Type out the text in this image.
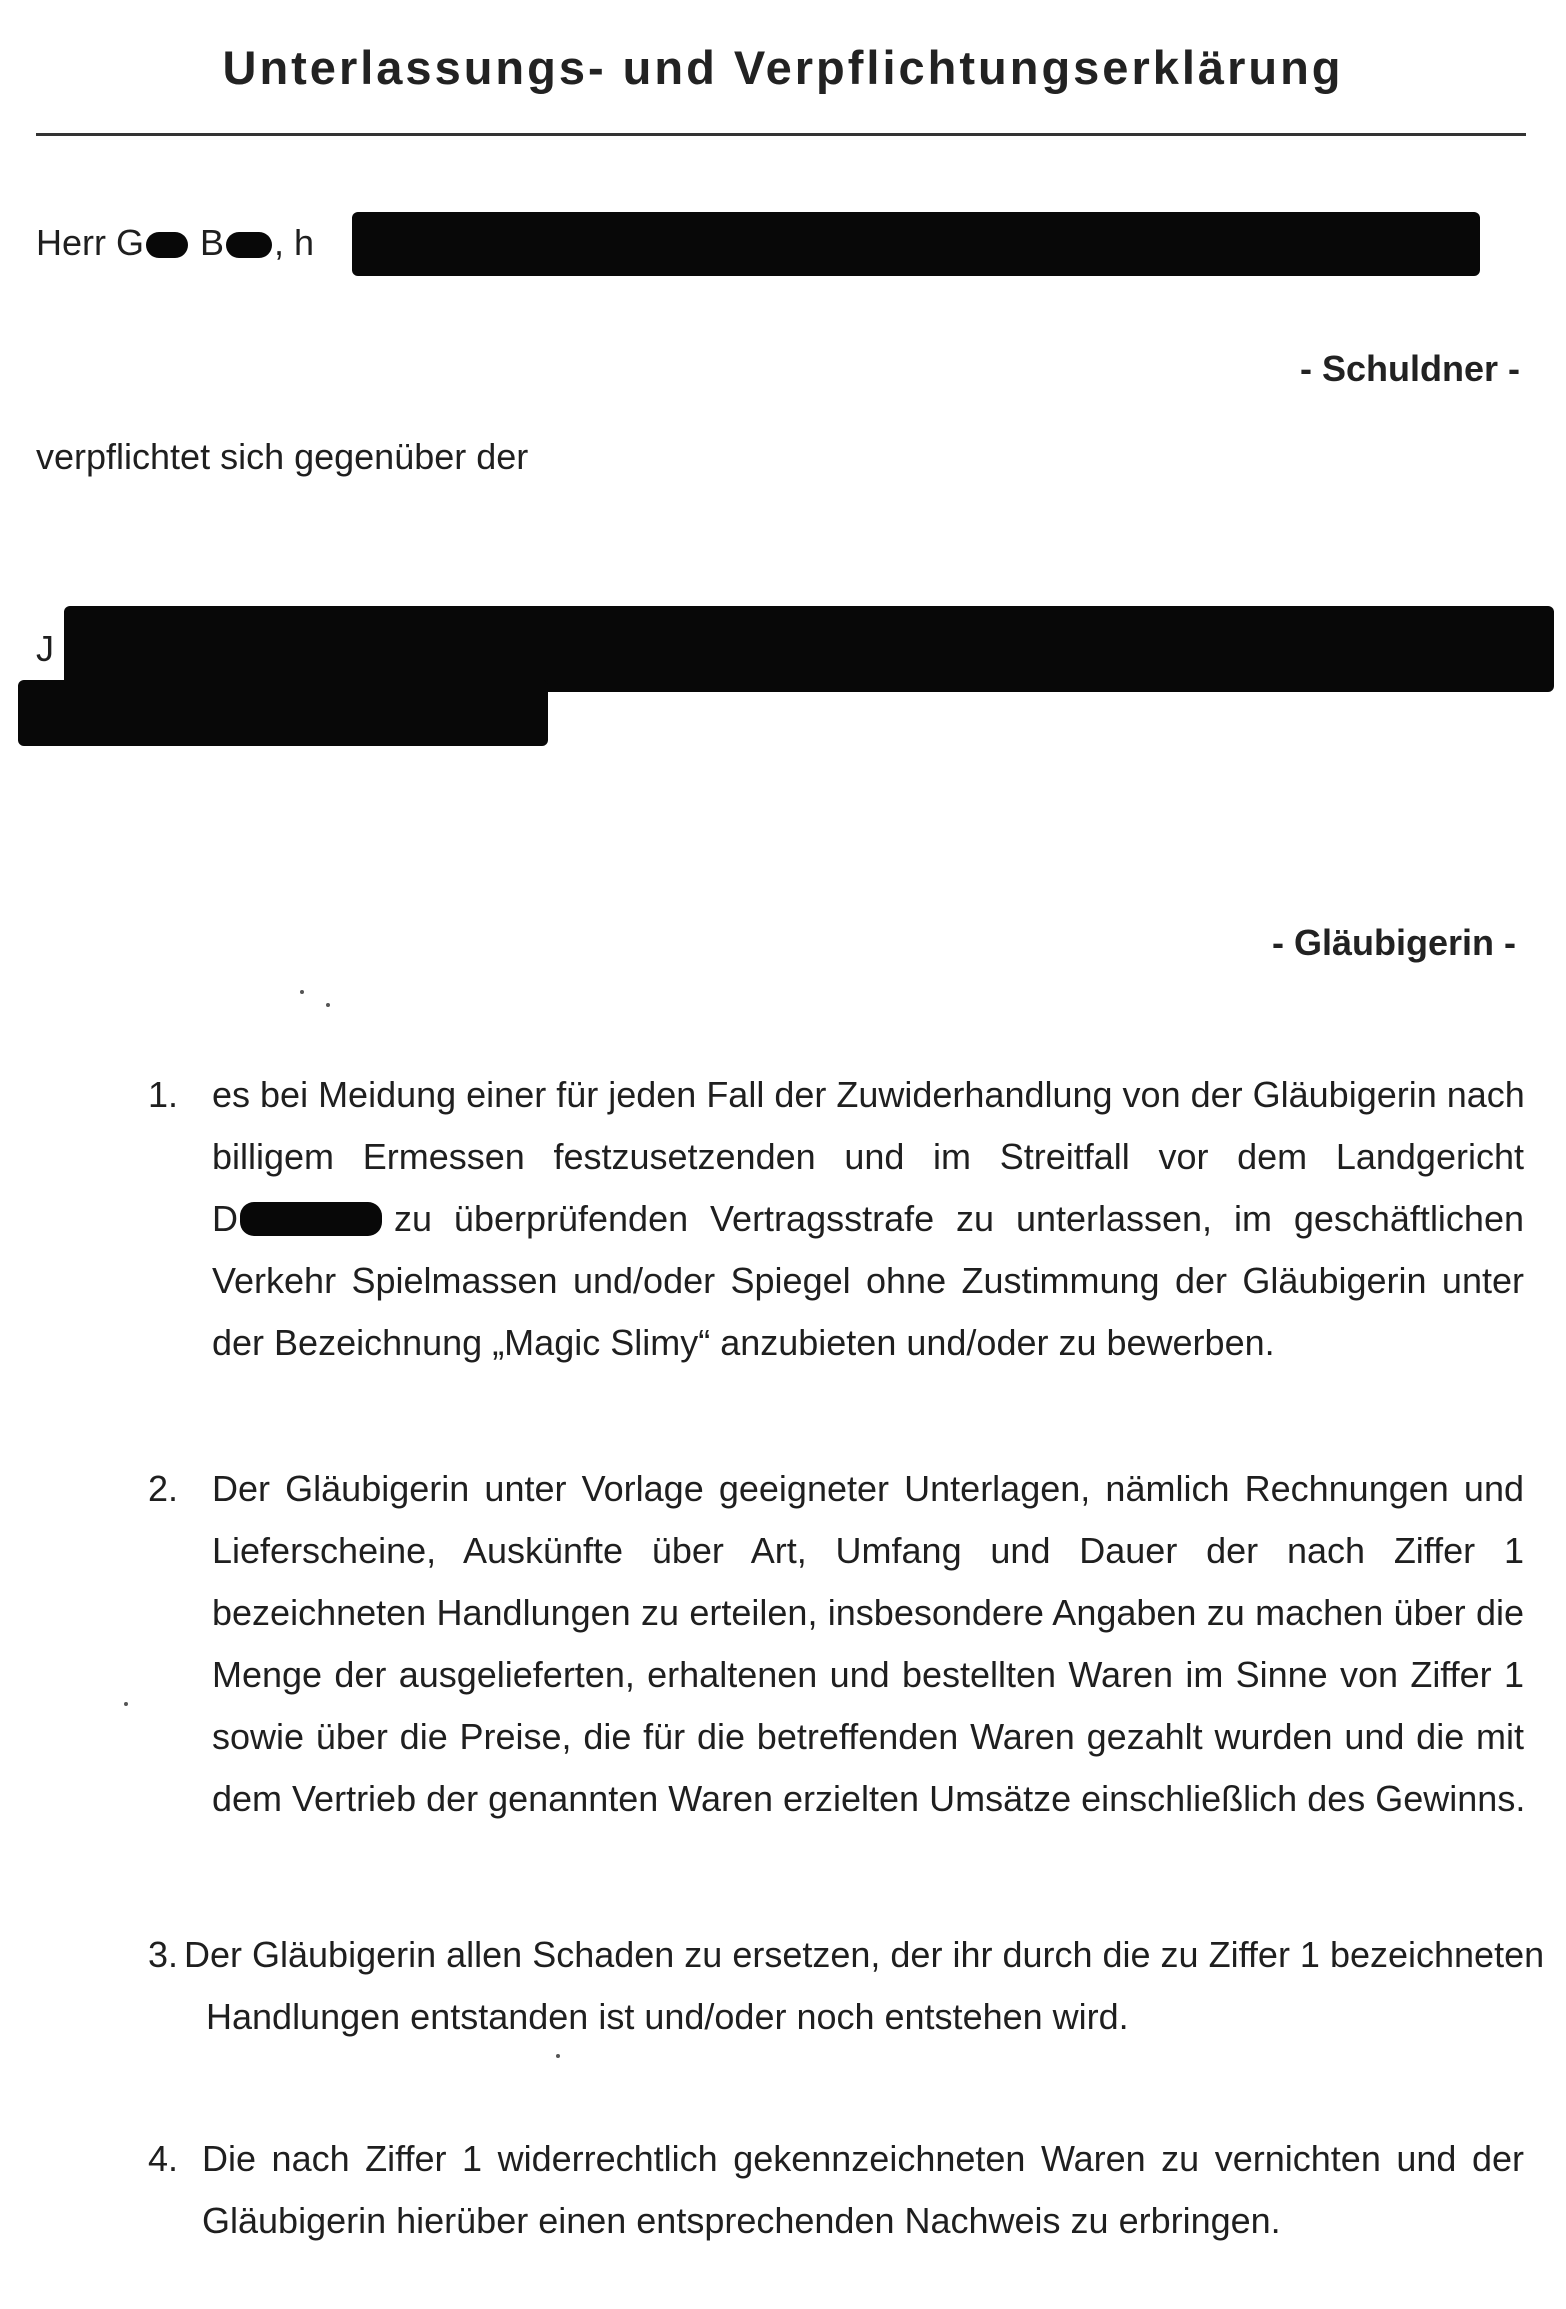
Unterlassungs- und Verpflichtungserklärung
Herr G B , h
- Schuldner -
verpflichtet sich gegenüber der
J
- Gläubigerin -
1. es bei Meidung einer für jeden Fall der Zuwiderhandlung von der Gläubigerin nach
billigem Ermessen festzusetzenden und im Streitfall vor dem Landgericht
D	zu überprüfenden Vertragsstrafe zu unterlassen, im geschäftlichen
Verkehr Spielmassen und/oder Spiegel ohne Zustimmung der Gläubigerin unter
der Bezeichnung „Magic Slimy“ anzubieten und/oder zu bewerben.
2. Der Gläubigerin unter Vorlage geeigneter Unterlagen, nämlich Rechnungen und
Lieferscheine, Auskünfte über Art, Umfang und Dauer der nach Ziffer 1
bezeichneten Handlungen zu erteilen, insbesondere Angaben zu machen über die
Menge der ausgelieferten, erhaltenen und bestellten Waren im Sinne von Ziffer 1
sowie über die Preise, die für die betreffenden Waren gezahlt wurden und die mit
dem Vertrieb der genannten Waren erzielten Umsätze einschließlich des Gewinns.
3. Der Gläubigerin allen Schaden zu ersetzen, der ihr durch die zu Ziffer 1 bezeichneten
Handlungen entstanden ist und/oder noch entstehen wird.
4. Die nach Ziffer 1 widerrechtlich gekennzeichneten Waren zu vernichten und der
Gläubigerin hierüber einen entsprechenden Nachweis zu erbringen.
